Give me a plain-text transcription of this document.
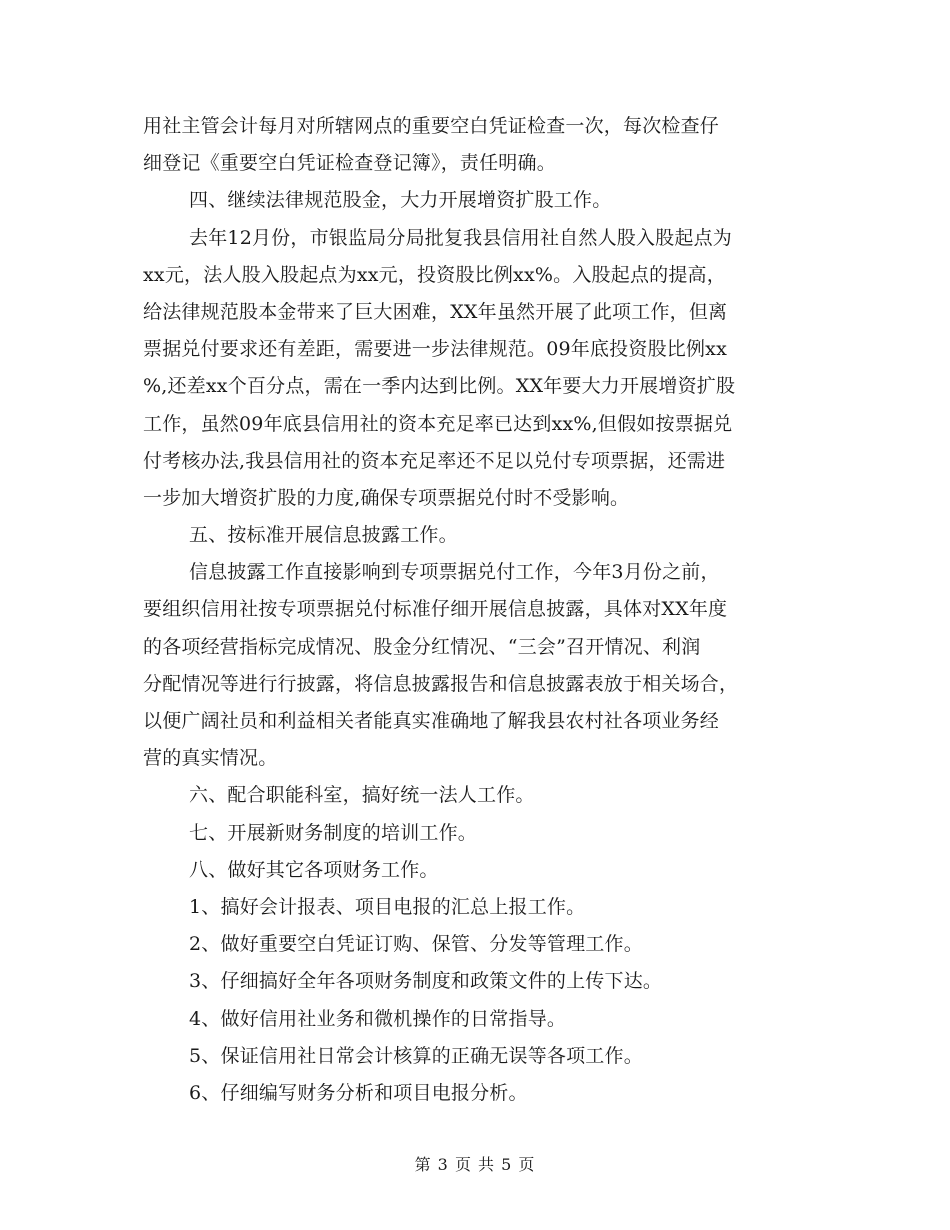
用社主管会计每月对所辖网点的重要空白凭证检查一次，每次检查仔
细登记《重要空白凭证检查登记簿》，责任明确。
四、继续法律规范股金，大力开展增资扩股工作。
去年12月份，市银监局分局批复我县信用社自然人股入股起点为
xx元，法人股入股起点为xx元，投资股比例xx%。入股起点的提高，
给法律规范股本金带来了巨大困难，XX年虽然开展了此项工作，但离
票据兑付要求还有差距，需要进一步法律规范。09年底投资股比例xx
%,还差xx个百分点，需在一季内达到比例。XX年要大力开展增资扩股
工作，虽然09年底县信用社的资本充足率已达到xx%,但假如按票据兑
付考核办法,我县信用社的资本充足率还不足以兑付专项票据，还需进
一步加大增资扩股的力度,确保专项票据兑付时不受影响。
五、按标准开展信息披露工作。
信息披露工作直接影响到专项票据兑付工作，今年3月份之前，
要组织信用社按专项票据兑付标准仔细开展信息披露，具体对XX年度
的各项经营指标完成情况、股金分红情况、“三会”召开情况、利润
分配情况等进行行披露，将信息披露报告和信息披露表放于相关场合，
以便广阔社员和利益相关者能真实准确地了解我县农村社各项业务经
营的真实情况。
六、配合职能科室，搞好统一法人工作。
七、开展新财务制度的培训工作。
八、做好其它各项财务工作。
1、搞好会计报表、项目电报的汇总上报工作。
2、做好重要空白凭证订购、保管、分发等管理工作。
3、仔细搞好全年各项财务制度和政策文件的上传下达。
4、做好信用社业务和微机操作的日常指导。
5、保证信用社日常会计核算的正确无误等各项工作。
6、仔细编写财务分析和项目电报分析。
第 3 页 共 5 页
